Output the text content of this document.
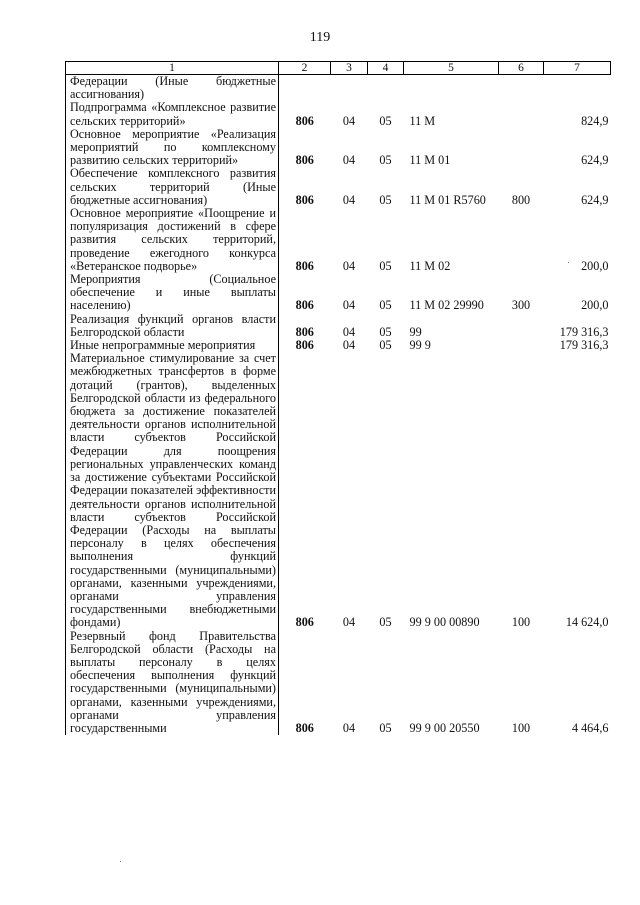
119
1	2	3	4	5	6	7
Федерации (Иные бюджетные ассигнования)						
Подпрограмма «Комплексное развитие сельских территорий»	806	04	05	11 М		824,9
Основное мероприятие «Реализация мероприятий по комплексному развитию сельских территорий»	806	04	05	11 М 01		624,9
Обеспечение комплексного развития сельских территорий (Иные бюджетные ассигнования)	806	04	05	11 М 01 R5760	800	624,9
Основное мероприятие «Поощрение и популяризация достижений в сфере развития сельских территорий, проведение ежегодного конкурса «Ветеранское подворье»	806	04	05	11 М 02		200,0
Мероприятия (Социальное обеспечение и иные выплаты населению)	806	04	05	11 М 02 29990	300	200,0
Реализация функций органов власти Белгородской области	806	04	05	99		179 316,3
Иные непрограммные мероприятия	806	04	05	99 9		179 316,3
Материальное стимулирование за счет межбюджетных трансфертов в форме дотаций (грантов), выделенных Белгородской области из федерального бюджета за достижение показателей деятельности органов исполнительной власти субъектов Российской Федерации для поощрения региональных управленческих команд за достижение субъектами Российской Федерации показателей эффективности деятельности органов исполнительной власти субъектов Российской Федерации (Расходы на выплаты персоналу в целях обеспечения выполнения функций государственными (муниципальными) органами, казенными учреждениями, органами управления государственными внебюджетными фондами)	806	04	05	99 9 00 00890	100	14 624,0
Резервный фонд Правительства Белгородской области (Расходы на выплаты персоналу в целях обеспечения выполнения функций государственными (муниципальными) органами, казенными учреждениями, органами управления государственными	806	04	05	99 9 00 20550	100	4 464,6
